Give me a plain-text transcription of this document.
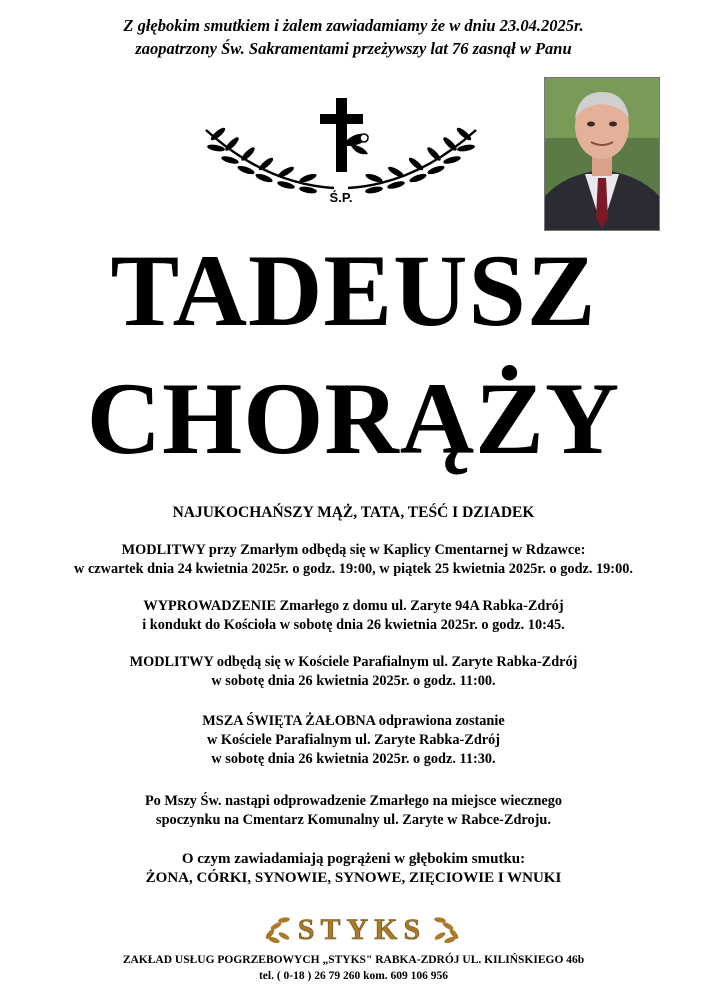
Z głębokim smutkiem i żalem zawiadamiamy że w dniu 23.04.2025r.
zaopatrzony Św. Sakramentami przeżywszy lat 76 zasnął w Panu
Ś.P.
TADEUSZ
CHORĄŻY
NAJUKOCHAŃSZY MĄŻ, TATA, TEŚĆ I DZIADEK
MODLITWY przy Zmarłym odbędą się w Kaplicy Cmentarnej w Rdzawce:
w czwartek dnia 24 kwietnia 2025r. o godz. 19:00, w piątek 25 kwietnia 2025r. o godz. 19:00.
WYPROWADZENIE Zmarłego z domu ul. Zaryte 94A Rabka-Zdrój
i kondukt do Kościoła w sobotę dnia 26 kwietnia 2025r. o godz. 10:45.
MODLITWY odbędą się w Kościele Parafialnym ul. Zaryte Rabka-Zdrój
w sobotę dnia 26 kwietnia 2025r. o godz. 11:00.
MSZA ŚWIĘTA ŻAŁOBNA odprawiona zostanie
w Kościele Parafialnym ul. Zaryte Rabka-Zdrój
w sobotę dnia 26 kwietnia 2025r. o godz. 11:30.
Po Mszy Św. nastąpi odprowadzenie Zmarłego na miejsce wiecznego
spoczynku na Cmentarz Komunalny ul. Zaryte w Rabce-Zdroju.
O czym zawiadamiają pogrążeni w głębokim smutku:
ŻONA, CÓRKI, SYNOWIE, SYNOWE, ZIĘCIOWIE I WNUKI
STYKS
ZAKŁAD USŁUG POGRZEBOWYCH „STYKS" RABKA-ZDRÓJ UL. KILIŃSKIEGO 46b
tel. ( 0-18 ) 26 79 260 kom. 609 106 956
